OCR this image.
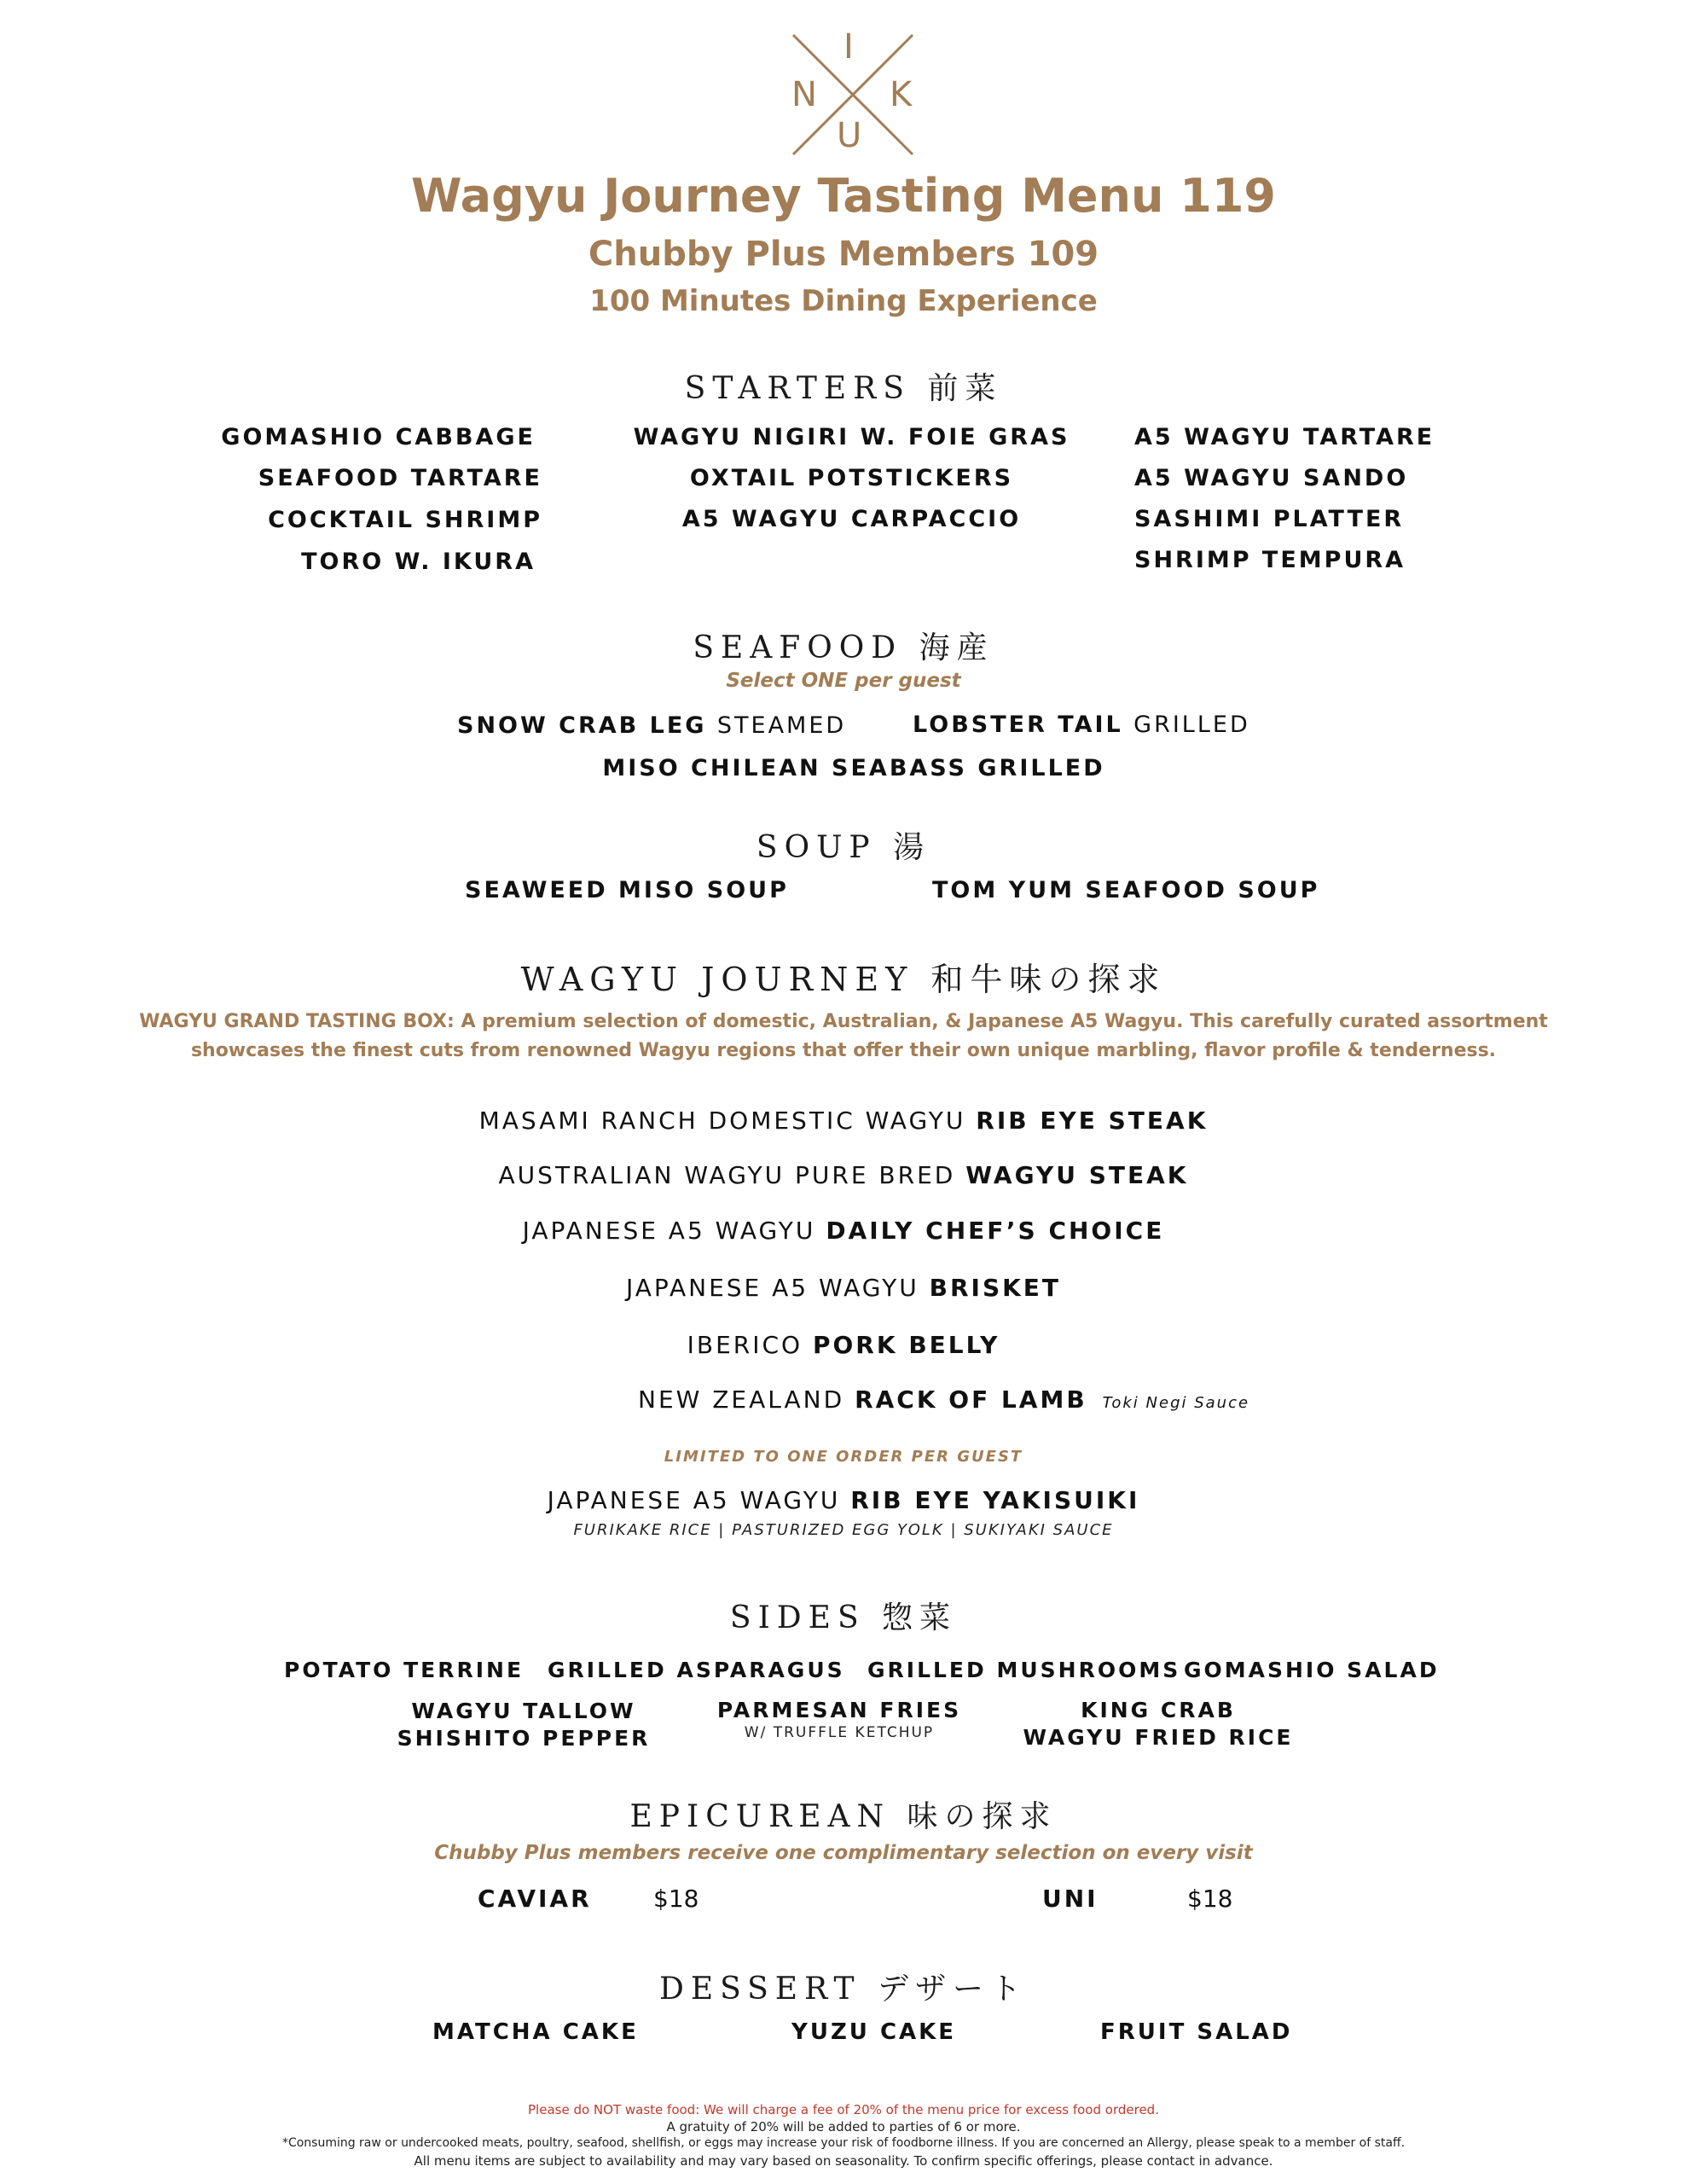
I
N K
U
Wagyu Journey Tasting Menu 119
Chubby Plus Members 109
100 Minutes Dining Experience
STARTERS 前菜
GOMASHIO CABBAGE
SEAFOOD TARTARE
COCKTAIL SHRIMP
TORO W. IKURA
WAGYU NIGIRI W. FOIE GRAS
OXTAIL POTSTICKERS
A5 WAGYU CARPACCIO
A5 WAGYU TARTARE
A5 WAGYU SANDO
SASHIMI PLATTER
SHRIMP TEMPURA
SEAFOOD 海産
Select ONE per guest
SNOW CRAB LEG STEAMED	LOBSTER TAIL GRILLED
MISO CHILEAN SEABASS GRILLED
SOUP 湯
SEAWEED MISO SOUP	TOM YUM SEAFOOD SOUP
WAGYU JOURNEY 和牛味の探求
WAGYU GRAND TASTING BOX: A premium selection of domestic, Australian, & Japanese A5 Wagyu. This carefully curated assortment
showcases the finest cuts from renowned Wagyu regions that offer their own unique marbling, flavor profile & tenderness.
MASAMI RANCH DOMESTIC WAGYU RIB EYE STEAK
AUSTRALIAN WAGYU PURE BRED WAGYU STEAK
JAPANESE A5 WAGYU DAILY CHEF’S CHOICE
JAPANESE A5 WAGYU BRISKET
IBERICO PORK BELLY
NEW ZEALAND RACK OF LAMB Toki Negi Sauce
LIMITED TO ONE ORDER PER GUEST
JAPANESE A5 WAGYU RIB EYE YAKISUIKI
FURIKAKE RICE | PASTURIZED EGG YOLK | SUKIYAKI SAUCE
SIDES 惣菜
POTATO TERRINE GRILLED ASPARAGUS GRILLED MUSHROOMS GOMASHIO SALAD
WAGYU TALLOW
SHISHITO PEPPER
PARMESAN FRIES
W/ TRUFFLE KETCHUP
KING CRAB
WAGYU FRIED RICE
EPICUREAN 味の探求
Chubby Plus members receive one complimentary selection on every visit
CAVIAR	$18	UNI	$18
DESSERT デザート
MATCHA CAKE	YUZU CAKE	FRUIT SALAD
Please do NOT waste food: We will charge a fee of 20% of the menu price for excess food ordered.
A gratuity of 20% will be added to parties of 6 or more.
*Consuming raw or undercooked meats, poultry, seafood, shellfish, or eggs may increase your risk of foodborne illness. If you are concerned an Allergy, please speak to a member of staff.
All menu items are subject to availability and may vary based on seasonality. To confirm specific offerings, please contact in advance.
